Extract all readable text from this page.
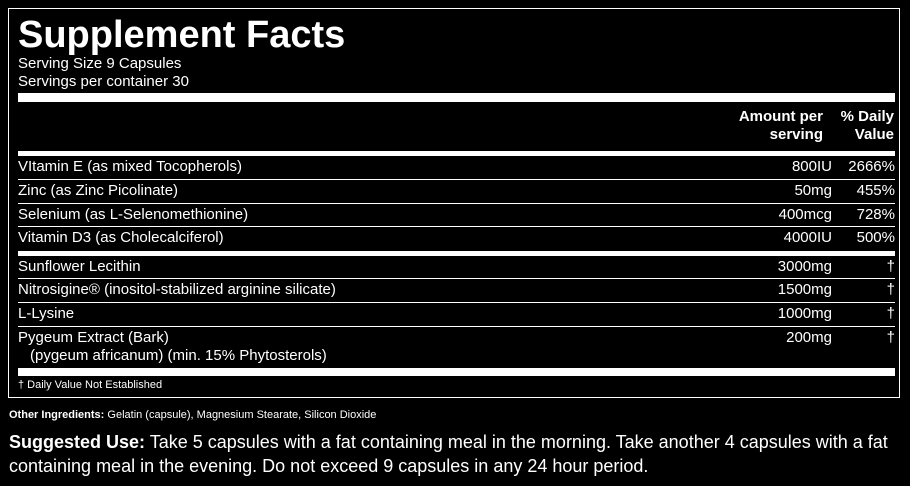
Supplement Facts
Serving Size 9 Capsules
Servings per container 30
Amount per
serving
% Daily
Value
VItamin E (as mixed Tocopherols)	800IU 2666%
Zinc (as Zinc Picolinate)	50mg 455%
Selenium (as L-Selenomethionine)	400mcg 728%
Vitamin D3 (as Cholecalciferol)	4000IU 500%
Sunflower Lecithin	3000mg	†
Nitrosigine® (inositol-stabilized arginine silicate)	1500mg	†
L-Lysine	1000mg	†
Pygeum Extract (Bark)
(pygeum africanum) (min. 15% Phytosterols)
200mg	†
† Daily Value Not Established
Other Ingredients: Gelatin (capsule), Magnesium Stearate, Silicon Dioxide
Suggested Use: Take 5 capsules with a fat containing meal in the morning. Take another 4 capsules with a fat containing meal in the evening. Do not exceed 9 capsules in any 24 hour period.
